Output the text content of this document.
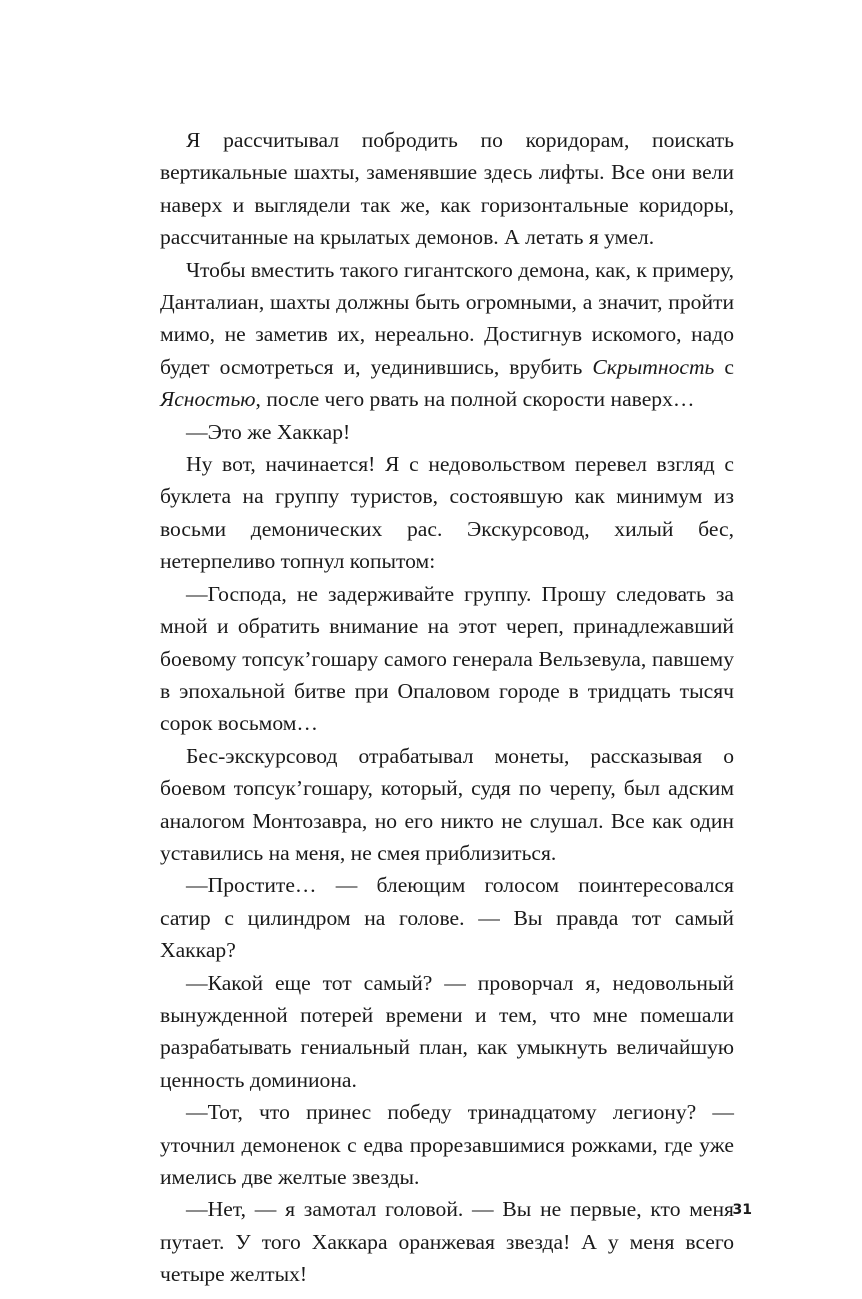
Я рассчитывал побродить по коридорам, поискать вертикальные шахты, заменявшие здесь лифты. Все они вели наверх и выглядели так же, как горизонтальные коридоры, рассчитанные на крылатых демонов. А летать я умел.

Чтобы вместить такого гигантского демона, как, к примеру, Данталиан, шахты должны быть огромными, а значит, пройти мимо, не заметив их, нереально. Достигнув искомого, надо будет осмотреться и, уединившись, врубить Скрытность с Ясностью, после чего рвать на полной скорости наверх…

—Это же Хаккар!

Ну вот, начинается! Я с недовольством перевел взгляд с буклета на группу туристов, состоявшую как минимум из восьми демонических рас. Экскурсовод, хилый бес, нетерпеливо топнул копытом:

—Господа, не задерживайте группу. Прошу следовать за мной и обратить внимание на этот череп, принадлежавший боевому топсук’гошару самого генерала Вельзевула, павшему в эпохальной битве при Опаловом городе в тридцать тысяч сорок восьмом…

Бес-экскурсовод отрабатывал монеты, рассказывая о боевом топсук’гошару, который, судя по черепу, был адским аналогом Монтозавра, но его никто не слушал. Все как один уставились на меня, не смея приблизиться.

—Простите… — блеющим голосом поинтересовался сатир с цилиндром на голове. — Вы правда тот самый Хаккар?

—Какой еще тот самый? — проворчал я, недовольный вынужденной потерей времени и тем, что мне помешали разрабатывать гениальный план, как умыкнуть величайшую ценность доминиона.

—Тот, что принес победу тринадцатому легиону? — уточнил демоненок с едва прорезавшимися рожками, где уже имелись две желтые звезды.

—Нет, — я замотал головой. — Вы не первые, кто меня путает. У того Хаккара оранжевая звезда! А у меня всего четыре желтых!

31
